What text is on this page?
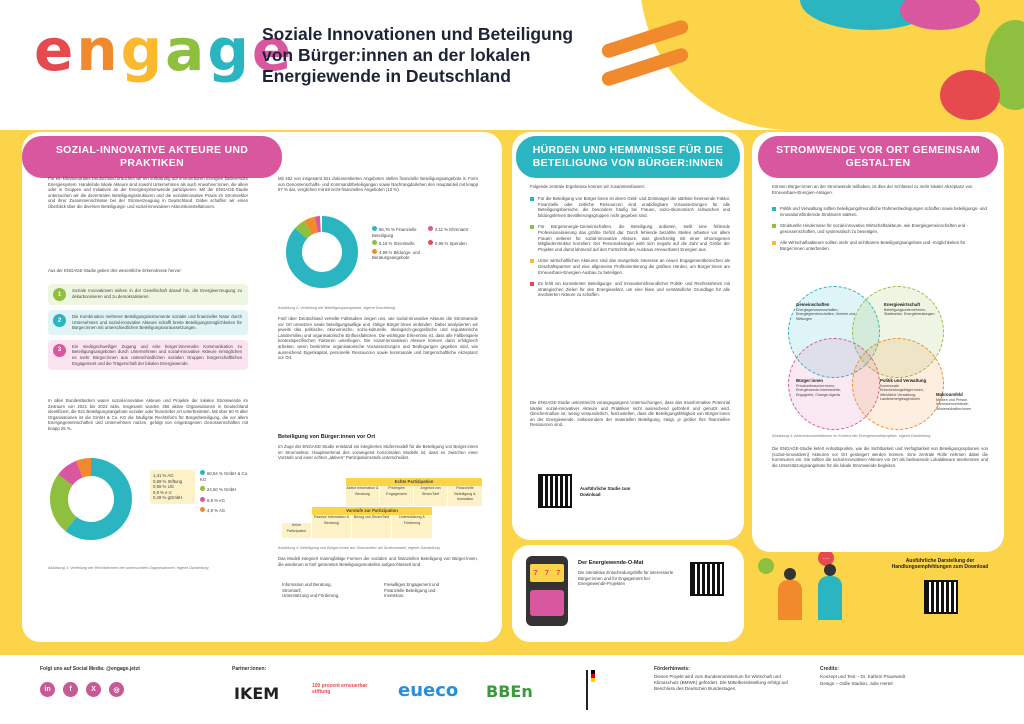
e n g a g e
Soziale Innovationen und Beteiligung von Bürger:innen an der lokalen Energiewende in Deutschland
SOZIAL-INNOVATIVE AKTEURE UND PRAKTIKEN
Für ein klimaneutrales Deutschland brauchen wir ein vollständig auf erneuerbaren Energien basierendes Energiesystem. Handelnde lokale Akteure sind sowohl Unternehmen als auch Anwohner:innen, die allein oder in Gruppen und Initiativen an der Energiesystemwende partizipieren. Mit der ENGAGE-Studie untersuchen wir die dezentralen Beteiligungsstrukturen und die sozialinnovative Praxis im Stromsektor und ihrer Zusammenschlüsse bei der Stromerzeugung in Deutschland. Dabei schaffen wir einen Überblick über die diversen Beteiligungs- und sozial-innovativen Akteurskonstellationen.
Aus der ENGAGE-Studie geben drei wesentliche Erkenntnisse hervor:
1
Soziale Innovationen wirken in der Gesellschaft darauf hin, die Energieerzeugung zu dekarbonisieren und zu demokratisieren.
2
Die Kombination mehrerer Beteiligungsinstrumente sozialer und finanzieller Natur durch Unternehmen und sozial-innovative Akteure schafft breite Beteiligungsmöglichkeiten für Bürger:innen mit unterschiedlichen Beteiligungsvoraussetzungen.
3
Ein niedrigschwelliger Zugang und eine bürger:innennahe Kommunikation zu Beteiligungsangeboten durch Unternehmen und sozial-innovative Akteure ermöglichen es mehr Bürger:innen aus unterschiedlichen sozialen Gruppen bürgerschaftliches Engagement und die Trägerschaft der lokalen Energiewende.
In allen Bundesländern waren sozial-innovative Akteure und Projekte der lokalen Stromwende im Zeitraum von 2021 bis 2023 aktiv. Insgesamt wurden 356 aktive Organisationen in Deutschland identifiziert, die 521 Beteiligungsangebote sozialer oder finanzieller Art unterbreiteten. Mit über 60 % aller Organisationen ist die GmbH & Co. KG die häufigste Rechtsform für Bürgerbeteiligung, die vor allem Energiegemeinschaften und Unternehmen nutzen, gefolgt von eingetragenen Genossenschaften mit knapp 25 %.
1,41 % AG
0,69 % Stiftung
0,56 % UG
0,9 % e.V.
0,28 % gGmbH
60,94 % GmbH & Co. KG
24,50 % GmbH
8,9 % eG
4,8 % AG
Abbildung 1: Verteilung der Rechtsformen der untersuchten Organisationen, eigene Darstellung
Mit 452 von insgesamt 521 dokumentierten Angeboten stellen finanzielle Beteiligungsangebote in Form von Genossenschafts- und Kommanditbeteiligungen sowie Nachrangdarlehen den Hauptanteil mit knapp 87 % dar, verglichen mit 69 nicht-finanziellen Angeboten (13 %).
86,76 % Finanzielle Beteiligung
2,11 % Ehrenamt
5,18 % Stromtarife	0,96 % Spenden
4,99 % Bildungs- und Beratungsangebote
Abbildung 2: Verteilung der Beteiligungsangebote, eigene Darstellung
Fünf über Deutschland verteilte Fallstudien zeigen uns, wie sozial-innovative Akteure die Stromwende vor Ort umsetzen sowie beteiligungswillige und -fähige Bürger:innen einbinden. Dabei analysierten wir jeweils das politische, ökonomische, sozio-kulturelle, ökologisch-geografische und regulatorische Ländermilieu und organisatorische Einflussfaktoren. Die wichtigste Erkenntnis ist, dass alle Fallbeispiele kontextspezifischen Faktoren unterliegen. Die sozial-innovativen Akteure können dann erfolgreich arbeiten, wenn bestimmte organisatorische Voraussetzungen und Bedingungen gegeben sind, wie ausreichend Eigenkapital, personelle Ressourcen sowie kommunale und bürgerschaftliche Akzeptanz vor Ort.
Beteiligung von Bürger:innen vor Ort
Im Zuge der ENGAGE-Studie entstand ein integriertes Stufenmodell für die Beteiligung von Bürger:innen im Stromsektor. Hauptmerkmal des vorwiegend horizontalen Modells ist, dass es zwischen einer Vorstufe und einer echten „aktiven“ Partizipationsstufe unterscheidet.
Echte Partizipation
Aktive Information & Beratung
Privilegien Engagement
Angebot von Strom/Tarif
Finanzielle Beteiligung & Innovation
Vorstufe zur Partizipation
Keine Partizipation
Passive Information & Beratung
Bezug von Strom/Tarif	Unterstützung & Förderung
Abbildung 3: Beteiligung von Bürger:innen am Stromsektor als Stufenmodell, eigene Darstellung
Das Modell integriert mannigfaltige Formen der sozialen und finanziellen Beteiligung von Bürger:innen, die wiederum in fünf getrennten Beteiligungsmodellen aufgeschlüsselt sind:
Information und Beratung,
Stromtarif,
Unterstützung und Förderung,
Freiwilliges Engagement und
Finanzielle Beteiligung und
Investition.
HÜRDEN UND HEMMNISSE FÜR DIE BETEILIGUNG VON BÜRGER:INNEN
Folgende zentrale Ergebnisse können wir zusammenfassen:
Für die Beteiligung von Bürger:innen ist deren Geld- und Zeitmangel der stärkste hemmende Faktor. Finanzielle oder zeitliche Ressourcen sind unabdingbare Voraussetzungen für alle Beteiligungsbereiche, die besonders häufig bei Frauen, sozio-ökonomisch schwachen und bildungsfernen Bevölkerungsgruppen nicht gegeben sind.
Für Bürgerenergie-Gemeinschaften, die Beteiligung anbieten, stellt eine fehlende Professionalisierung das größte Defizit dar. Durch fehlende bezahlte Stellen arbeiten vor allem Frauen seltener für sozial-innovative Akteure, was gleichzeitig mit einer inhomogenen Mitgliederstruktur korreliert. Der Personalmangel wirkt sich negativ auf die Zahl und Größe der Projekte und damit lahmend auf den Fortschritt des Ausbaus erneuerbarer Energien aus.
Unter wirtschaftlichen Akteuren sind das mangelnde Interesse an neuen Engagementbereichen als Geschäftspartner und eine allgemeine Profitorientierung die größten Hürden, um Bürger:innen am Erneuerbare-Energien-Ausbau zu beteiligen.
Es fehlt ein konsistenter Beteiligungs- und Innovationsfreundlicher Politik- und Rechtsrahmen mit strategischen Zielen für den Energiesektor, um eine klare und verständliche Grundlage für alle involvierten Akteure zu schaffen.
Die ENGAGE-Studie unterstreicht vorangegangene Untersuchungen, dass das transformative Potenzial lokaler sozial-innovativer Akteure und Praktiken nicht ausreichend gefördert und genutzt wird. Gleichermaßen ist, wenig verwunderlich, festzustellen, dass die Beteiligungsfähigkeit von Bürger:innen an der Energiewende, insbesondere der materiellen Beteiligung, steigt, je größer ihre finanziellen Ressourcen sind.
Ausführliche Studie zum Download
7 7 7
Der Energiewende-O-Mat
Die interaktive Entscheidungshilfe für interessierte Bürger:innen und für Engagement bei Energiewende-Projekten
…
STROMWENDE VOR ORT GEMEINSAM GESTALTEN
Können Bürger:innen an der Stromwende teilhaben, ist dies der Schlüssel zu mehr lokaler Akzeptanz von Erneuerbare-Energien-Anlagen.
Politik und Verwaltung sollten beteiligungsfreundliche Rahmenbedingungen schaffen sowie beteiligungs- und innovationsfördernde Strukturen stärken.
Strukturelle Hindernisse für sozial-innovative Wirtschaftsakteure, wie Energiegemeinschaften und -genossenschaften, und systematisch zu beseitigen.
Alle Wirtschaftsakteure sollten mehr und sichtbarere Beteiligungsangebote und -möglichkeiten für Bürger:innen unterbreiten.
Gemeinschaften
Energiegenossenschaften, Energiegemeinschaften, Vereine und Stiftungen
Energiewirtschaft
Beteiligungsunternehmen, Stadtwerke, Energieberatungen
Bürger:innen
Privatverbraucher:innen, Energiewende-Interessierte, Engagierte, Change-Agents
Politik und Verwaltung
Kommunale Entscheidungsträger:innen, öffentliche Verwaltung, Landesenergieagenturen
Makroumfeld
Medien und Presse, Interessenverbände, Wissenschaftler:innen
Abbildung 4: Akteurskonstellationen im Kontext der Energiewendeprojekte, eigene Darstellung
Die ENGAGE-Studie liefert Anhaltspunkte, wie die Sichtbarkeit und Verfügbarkeit von Beteiligungsoptionen von (sozial-innovativen) Akteuren vor Ort gesteigert werden können. Eine zentrale Rolle nehmen dabei die Kommunen ein. Sie sollten die sozial-innovativen Akteure vor Ort als bedeutende Lokalakteure anerkennen und die Unterstützungsangebote für die lokale Stromwende begleiten.
Ausführliche Darstellung der Handlungsempfehlungen zum Download
Folgt uns auf Social Media: @engage.jetzt
in	f	X	◎
Partner:innen:
IKEM	100 prozent erneuerbar stiftung	eueco BBEn
Förderhinweis:
Dieses Projekt wird vom Bundesministerium für Wirtschaft und Klimaschutz (BMWK) gefördert. Die Mittelbereitstellung erfolgt auf Beschluss des Deutschen Bundestages.
Credits:
Konzept und Text – Dr. Kathrin Praxewedt
Design – Odile Stadion, Julie Hertel
